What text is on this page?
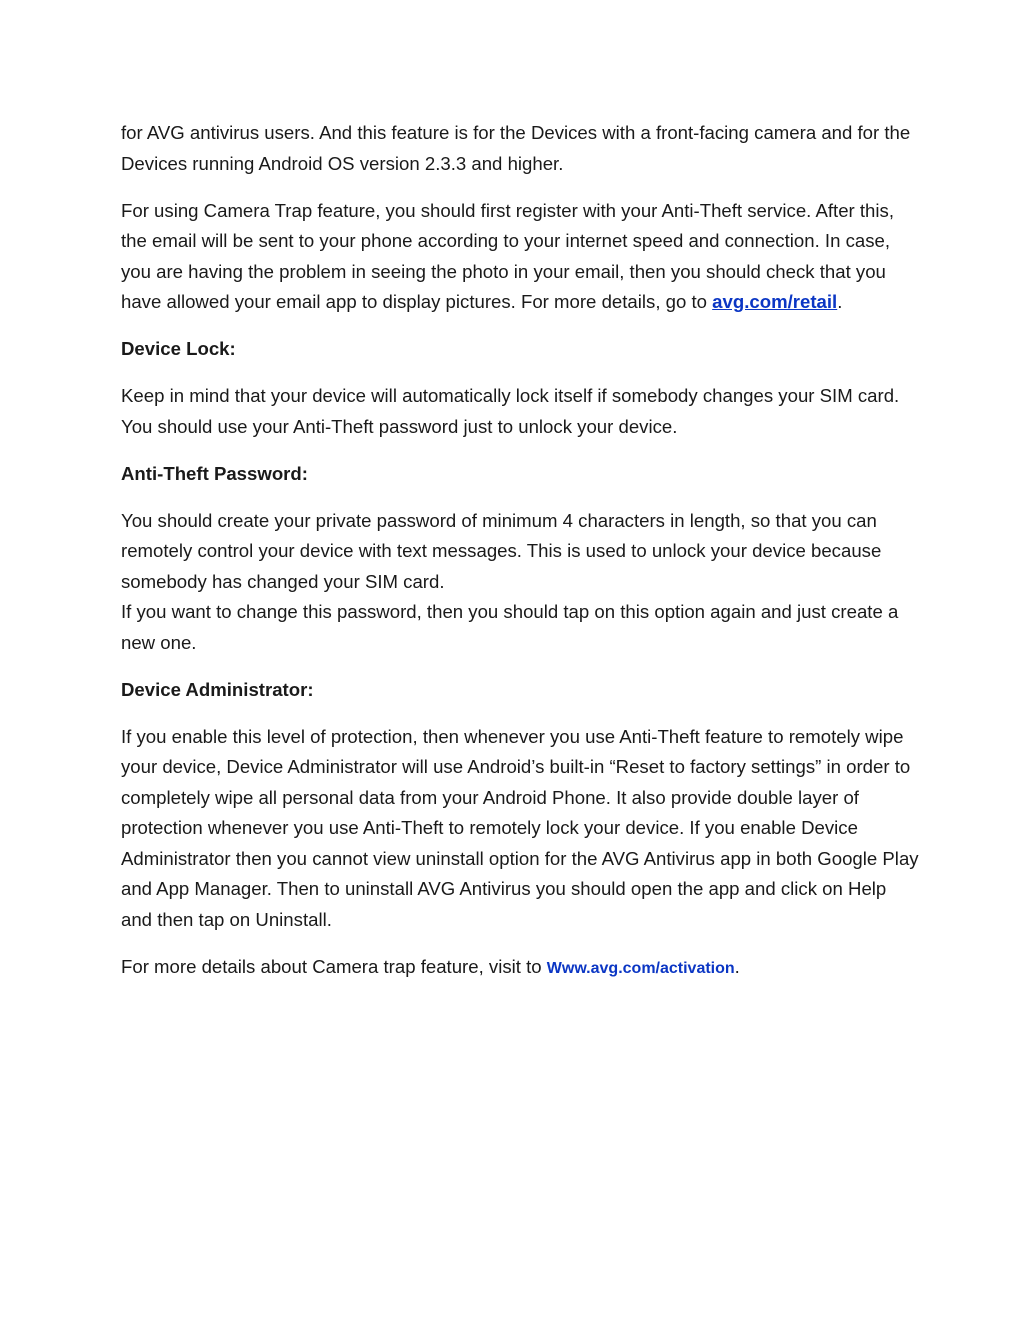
for AVG antivirus users. And this feature is for the Devices with a front-facing camera and for the Devices running Android OS version 2.3.3 and higher.

For using Camera Trap feature, you should first register with your Anti-Theft service. After this, the email will be sent to your phone according to your internet speed and connection. In case, you are having the problem in seeing the photo in your email, then you should check that you have allowed your email app to display pictures. For more details, go to avg.com/retail.

Device Lock:

Keep in mind that your device will automatically lock itself if somebody changes your SIM card. You should use your Anti-Theft password just to unlock your device.

Anti-Theft Password:

You should create your private password of minimum 4 characters in length, so that you can remotely control your device with text messages. This is used to unlock your device because somebody has changed your SIM card.
If you want to change this password, then you should tap on this option again and just create a new one.

Device Administrator:

If you enable this level of protection, then whenever you use Anti-Theft feature to remotely wipe your device, Device Administrator will use Android’s built-in “Reset to factory settings” in order to completely wipe all personal data from your Android Phone. It also provide double layer of protection whenever you use Anti-Theft to remotely lock your device. If you enable Device Administrator then you cannot view uninstall option for the AVG Antivirus app in both Google Play and App Manager. Then to uninstall AVG Antivirus you should open the app and click on Help and then tap on Uninstall.

For more details about Camera trap feature, visit to Www.avg.com/activation.
